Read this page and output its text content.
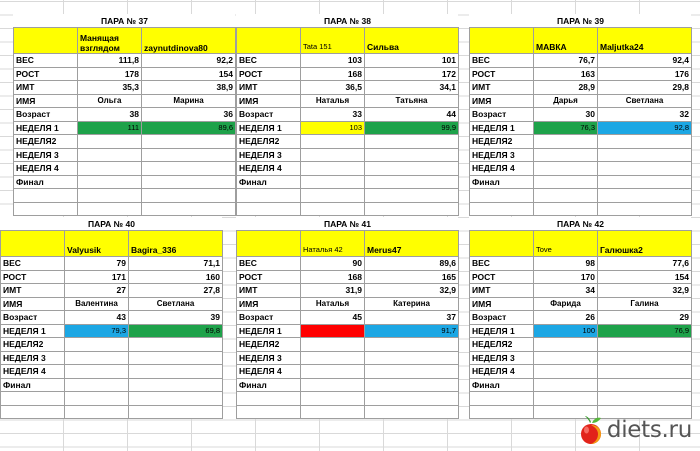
ПАРА № 37		
	Манящая взглядом	zaynutdinova80
ВЕС	111,8	92,2
РОСТ	178	154
ИМТ	35,3	38,9
ИМЯ	Ольга	Марина
Возраст	38	36
НЕДЕЛЯ 1	111	89,6
НЕДЕЛЯ2		
НЕДЕЛЯ 3		
НЕДЕЛЯ 4		
Финал		

ПАРА № 38		
	Tata 151	Сильва
ВЕС	103	101
РОСТ	168	172
ИМТ	36,5	34,1
ИМЯ	Наталья	Татьяна
Возраст	33	44
НЕДЕЛЯ 1	103	99,9
НЕДЕЛЯ2		
НЕДЕЛЯ 3		
НЕДЕЛЯ 4		
Финал		

ПАРА № 39		
	МАВКА	Maljutka24
ВЕС	76,7	92,4
РОСТ	163	176
ИМТ	28,9	29,8
ИМЯ	Дарья	Светлана
Возраст	30	32
НЕДЕЛЯ 1	76,3	92,8
НЕДЕЛЯ2		
НЕДЕЛЯ 3		
НЕДЕЛЯ 4		
Финал		

ПАРА № 40		
	Valyusik	Bagira_336
ВЕС	79	71,1
РОСТ	171	160
ИМТ	27	27,8
ИМЯ	Валентина	Светлана
Возраст	43	39
НЕДЕЛЯ 1	79,3	69,8
НЕДЕЛЯ2		
НЕДЕЛЯ 3		
НЕДЕЛЯ 4		
Финал		

ПАРА № 41		
	Наталья 42	Merus47
ВЕС	90	89,6
РОСТ	168	165
ИМТ	31,9	32,9
ИМЯ	Наталья	Катерина
Возраст	45	37
НЕДЕЛЯ 1		91,7
НЕДЕЛЯ2		
НЕДЕЛЯ 3		
НЕДЕЛЯ 4		
Финал		

ПАРА № 42		
	Tove	Галюшка2
ВЕС	98	77,6
РОСТ	170	154
ИМТ	34	32,9
ИМЯ	Фарида	Галина
Возраст	26	29
НЕДЕЛЯ 1	100	76,9
НЕДЕЛЯ2		
НЕДЕЛЯ 3		
НЕДЕЛЯ 4		
Финал		

diets.ru
